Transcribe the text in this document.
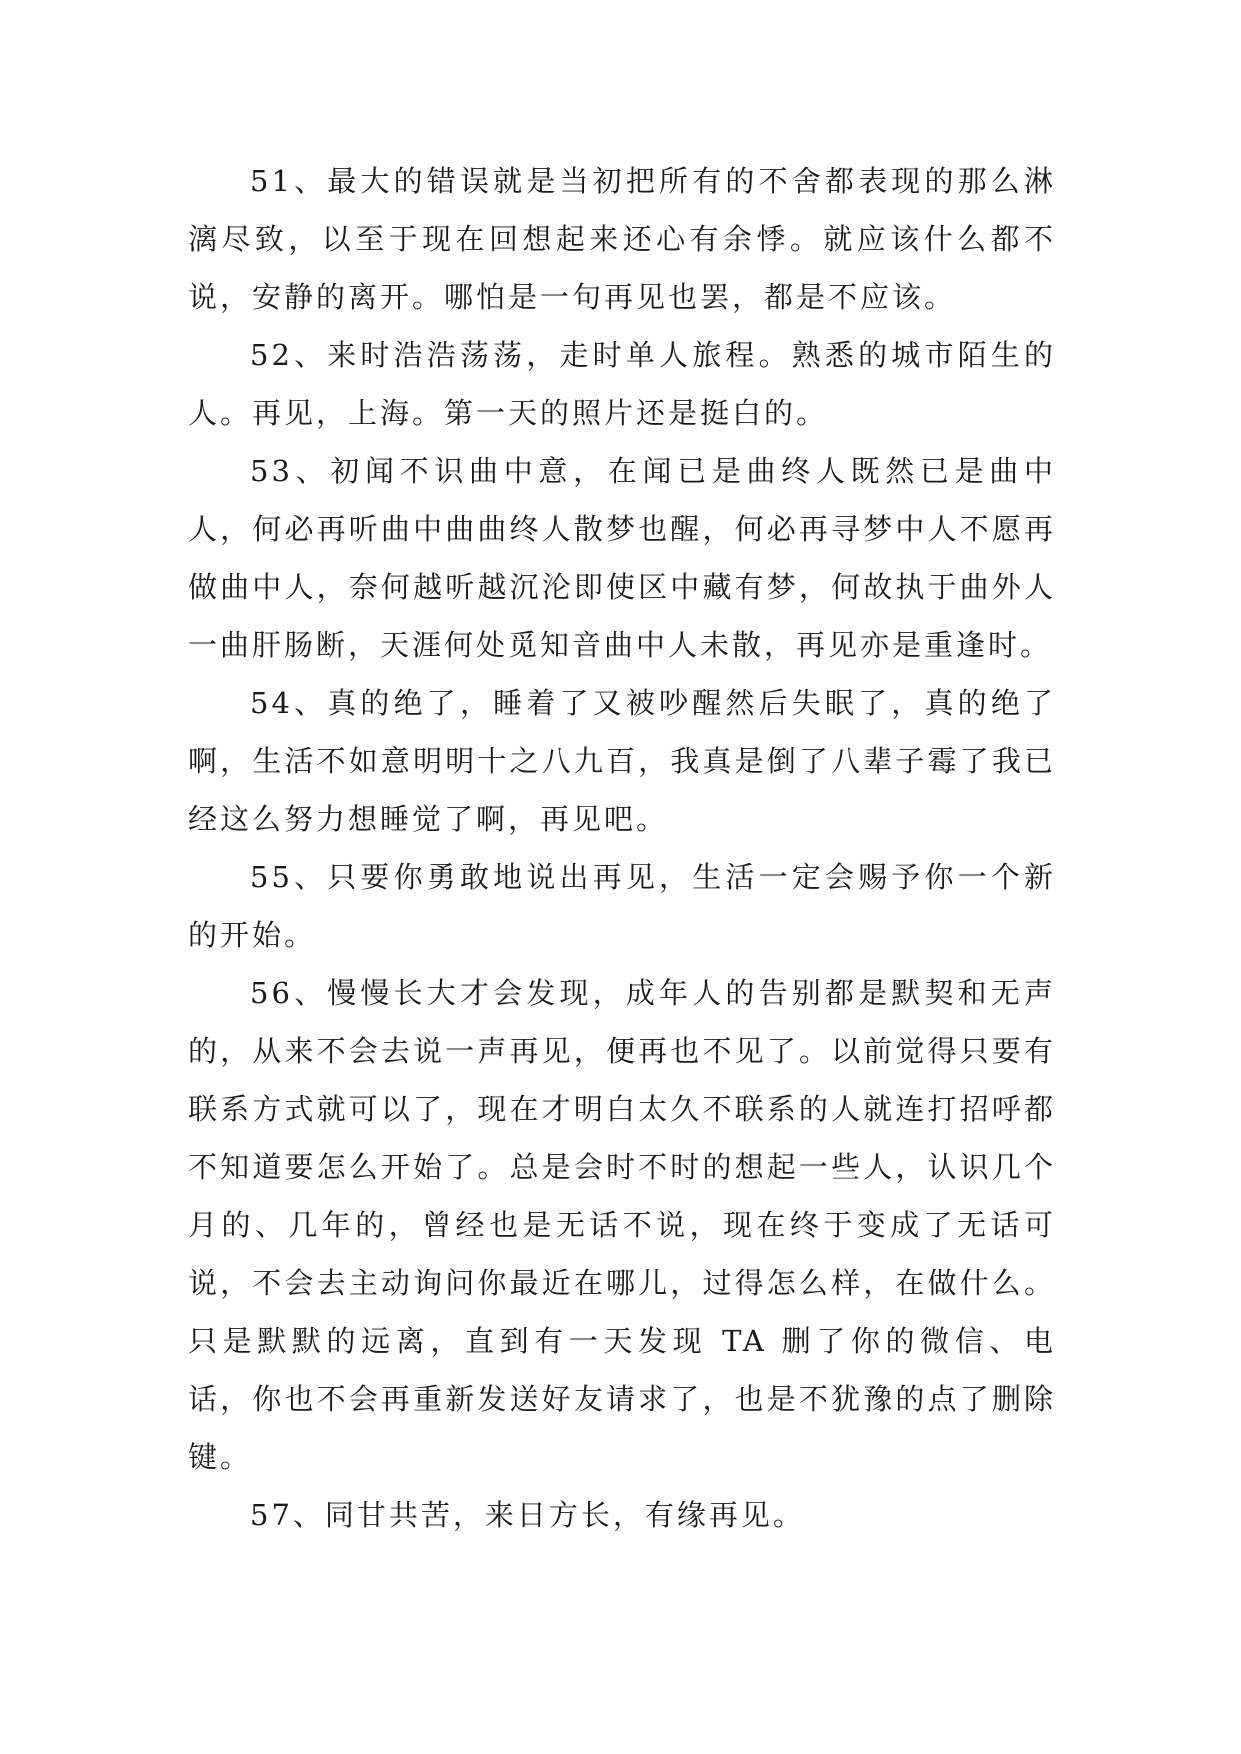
51、最大的错误就是当初把所有的不舍都表现的那么淋漓尽致，以至于现在回想起来还心有余悸。就应该什么都不说，安静的离开。哪怕是一句再见也罢，都是不应该。

52、来时浩浩荡荡，走时单人旅程。熟悉的城市陌生的人。再见，上海。第一天的照片还是挺白的。

53、初闻不识曲中意，在闻已是曲终人既然已是曲中人，何必再听曲中曲曲终人散梦也醒，何必再寻梦中人不愿再做曲中人，奈何越听越沉沦即使区中藏有梦，何故执于曲外人一曲肝肠断，天涯何处觅知音曲中人未散，再见亦是重逢时。

54、真的绝了，睡着了又被吵醒然后失眠了，真的绝了啊，生活不如意明明十之八九百，我真是倒了八辈子霉了我已经这么努力想睡觉了啊，再见吧。

55、只要你勇敢地说出再见，生活一定会赐予你一个新的开始。

56、慢慢长大才会发现，成年人的告别都是默契和无声的，从来不会去说一声再见，便再也不见了。以前觉得只要有联系方式就可以了，现在才明白太久不联系的人就连打招呼都不知道要怎么开始了。总是会时不时的想起一些人，认识几个月的、几年的，曾经也是无话不说，现在终于变成了无话可说，不会去主动询问你最近在哪儿，过得怎么样，在做什么。只是默默的远离，直到有一天发现 TA 删了你的微信、电话，你也不会再重新发送好友请求了，也是不犹豫的点了删除键。

57、同甘共苦，来日方长，有缘再见。
